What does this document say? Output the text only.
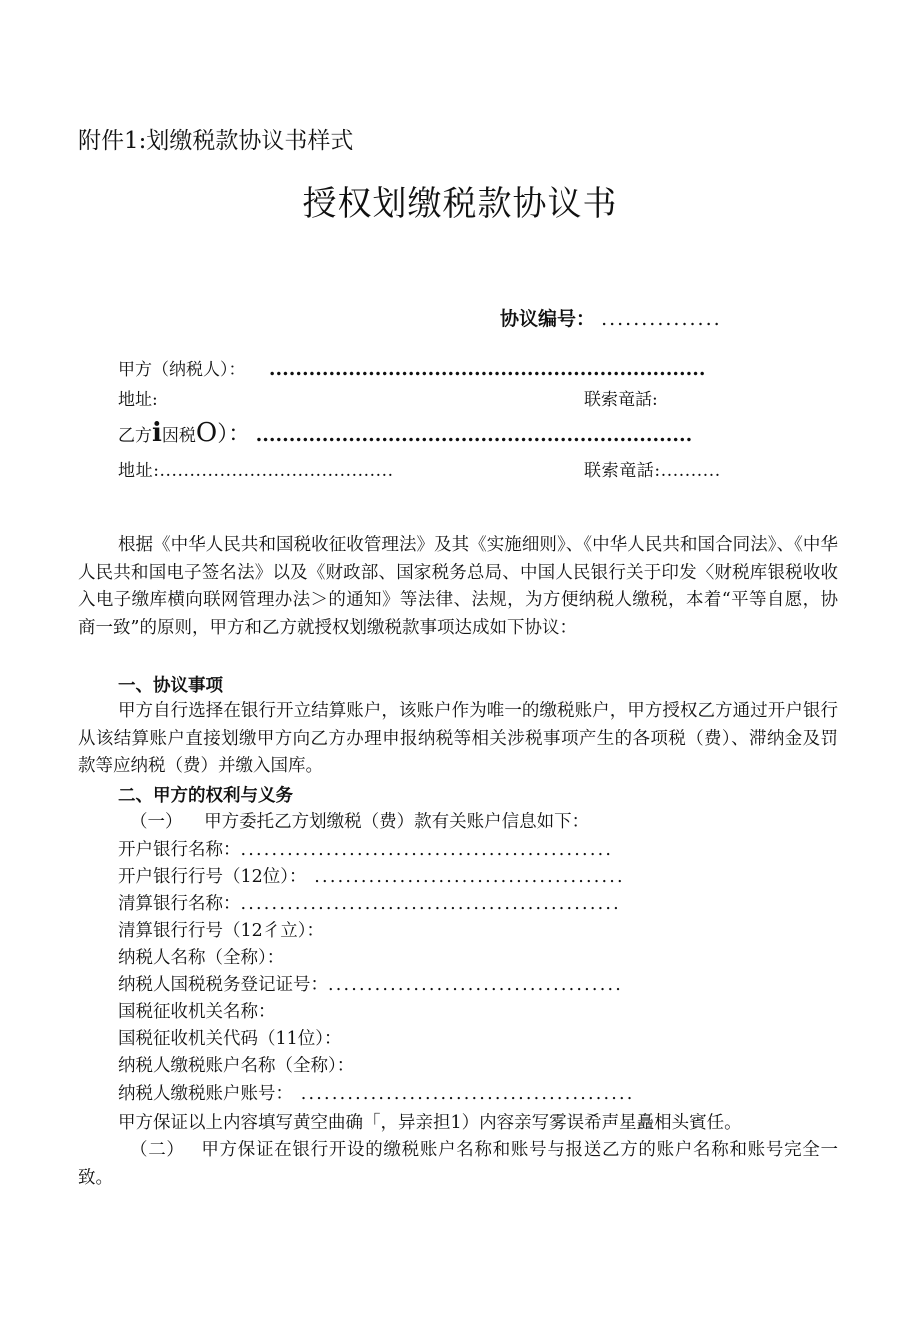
附件1:划缴税款协议书样式
授权划缴税款协议书
协议编号： ...............
甲方（纳税人）： ..................................................................
地址:	联索竜話:
乙方i因税O）： ..................................................................
地址:.......................................	联索竜話:..........
根据《中华人民共和国税收征收管理法》及其《实施细则》、《中华人民共和国合同法》、《中华人民共和国电子签名法》以及《财政部、国家税务总局、中国人民银行关于印发〈财税库银税收收入电子缴库横向联网管理办法＞的通知》等法律、法规，为方便纳税人缴税，本着“平等自愿，协商一致”的原则，甲方和乙方就授权划缴税款事项达成如下协议：
一、协议事项
甲方自行选择在银行开立结算账户，该账户作为唯一的缴税账户，甲方授权乙方通过开户银行从该结算账户直接划缴甲方向乙方办理申报纳税等相关涉税事项产生的各项税（费）、滞纳金及罚款等应纳税（费）并缴入国库。
二、甲方的权利与义务
（一） 甲方委托乙方划缴税（费）款有关账户信息如下：
开户银行名称：................................................
开户银行行号（12位）： ........................................
清算银行名称：.................................................
清算银行行号（12彳立）：
纳税人名称（全称）：
纳税人国税税务登记证号：......................................
国税征收机关名称：
国税征收机关代码（11位）：
纳税人缴税账户名称（全称）：
纳税人缴税账户账号： ...........................................
甲方保证以上内容填写黄空曲确「，异亲担1）内容亲写雾误希声星矗相头賓任。
（二） 甲方保证在银行开设的缴税账户名称和账号与报送乙方的账户名称和账号完全一致。
